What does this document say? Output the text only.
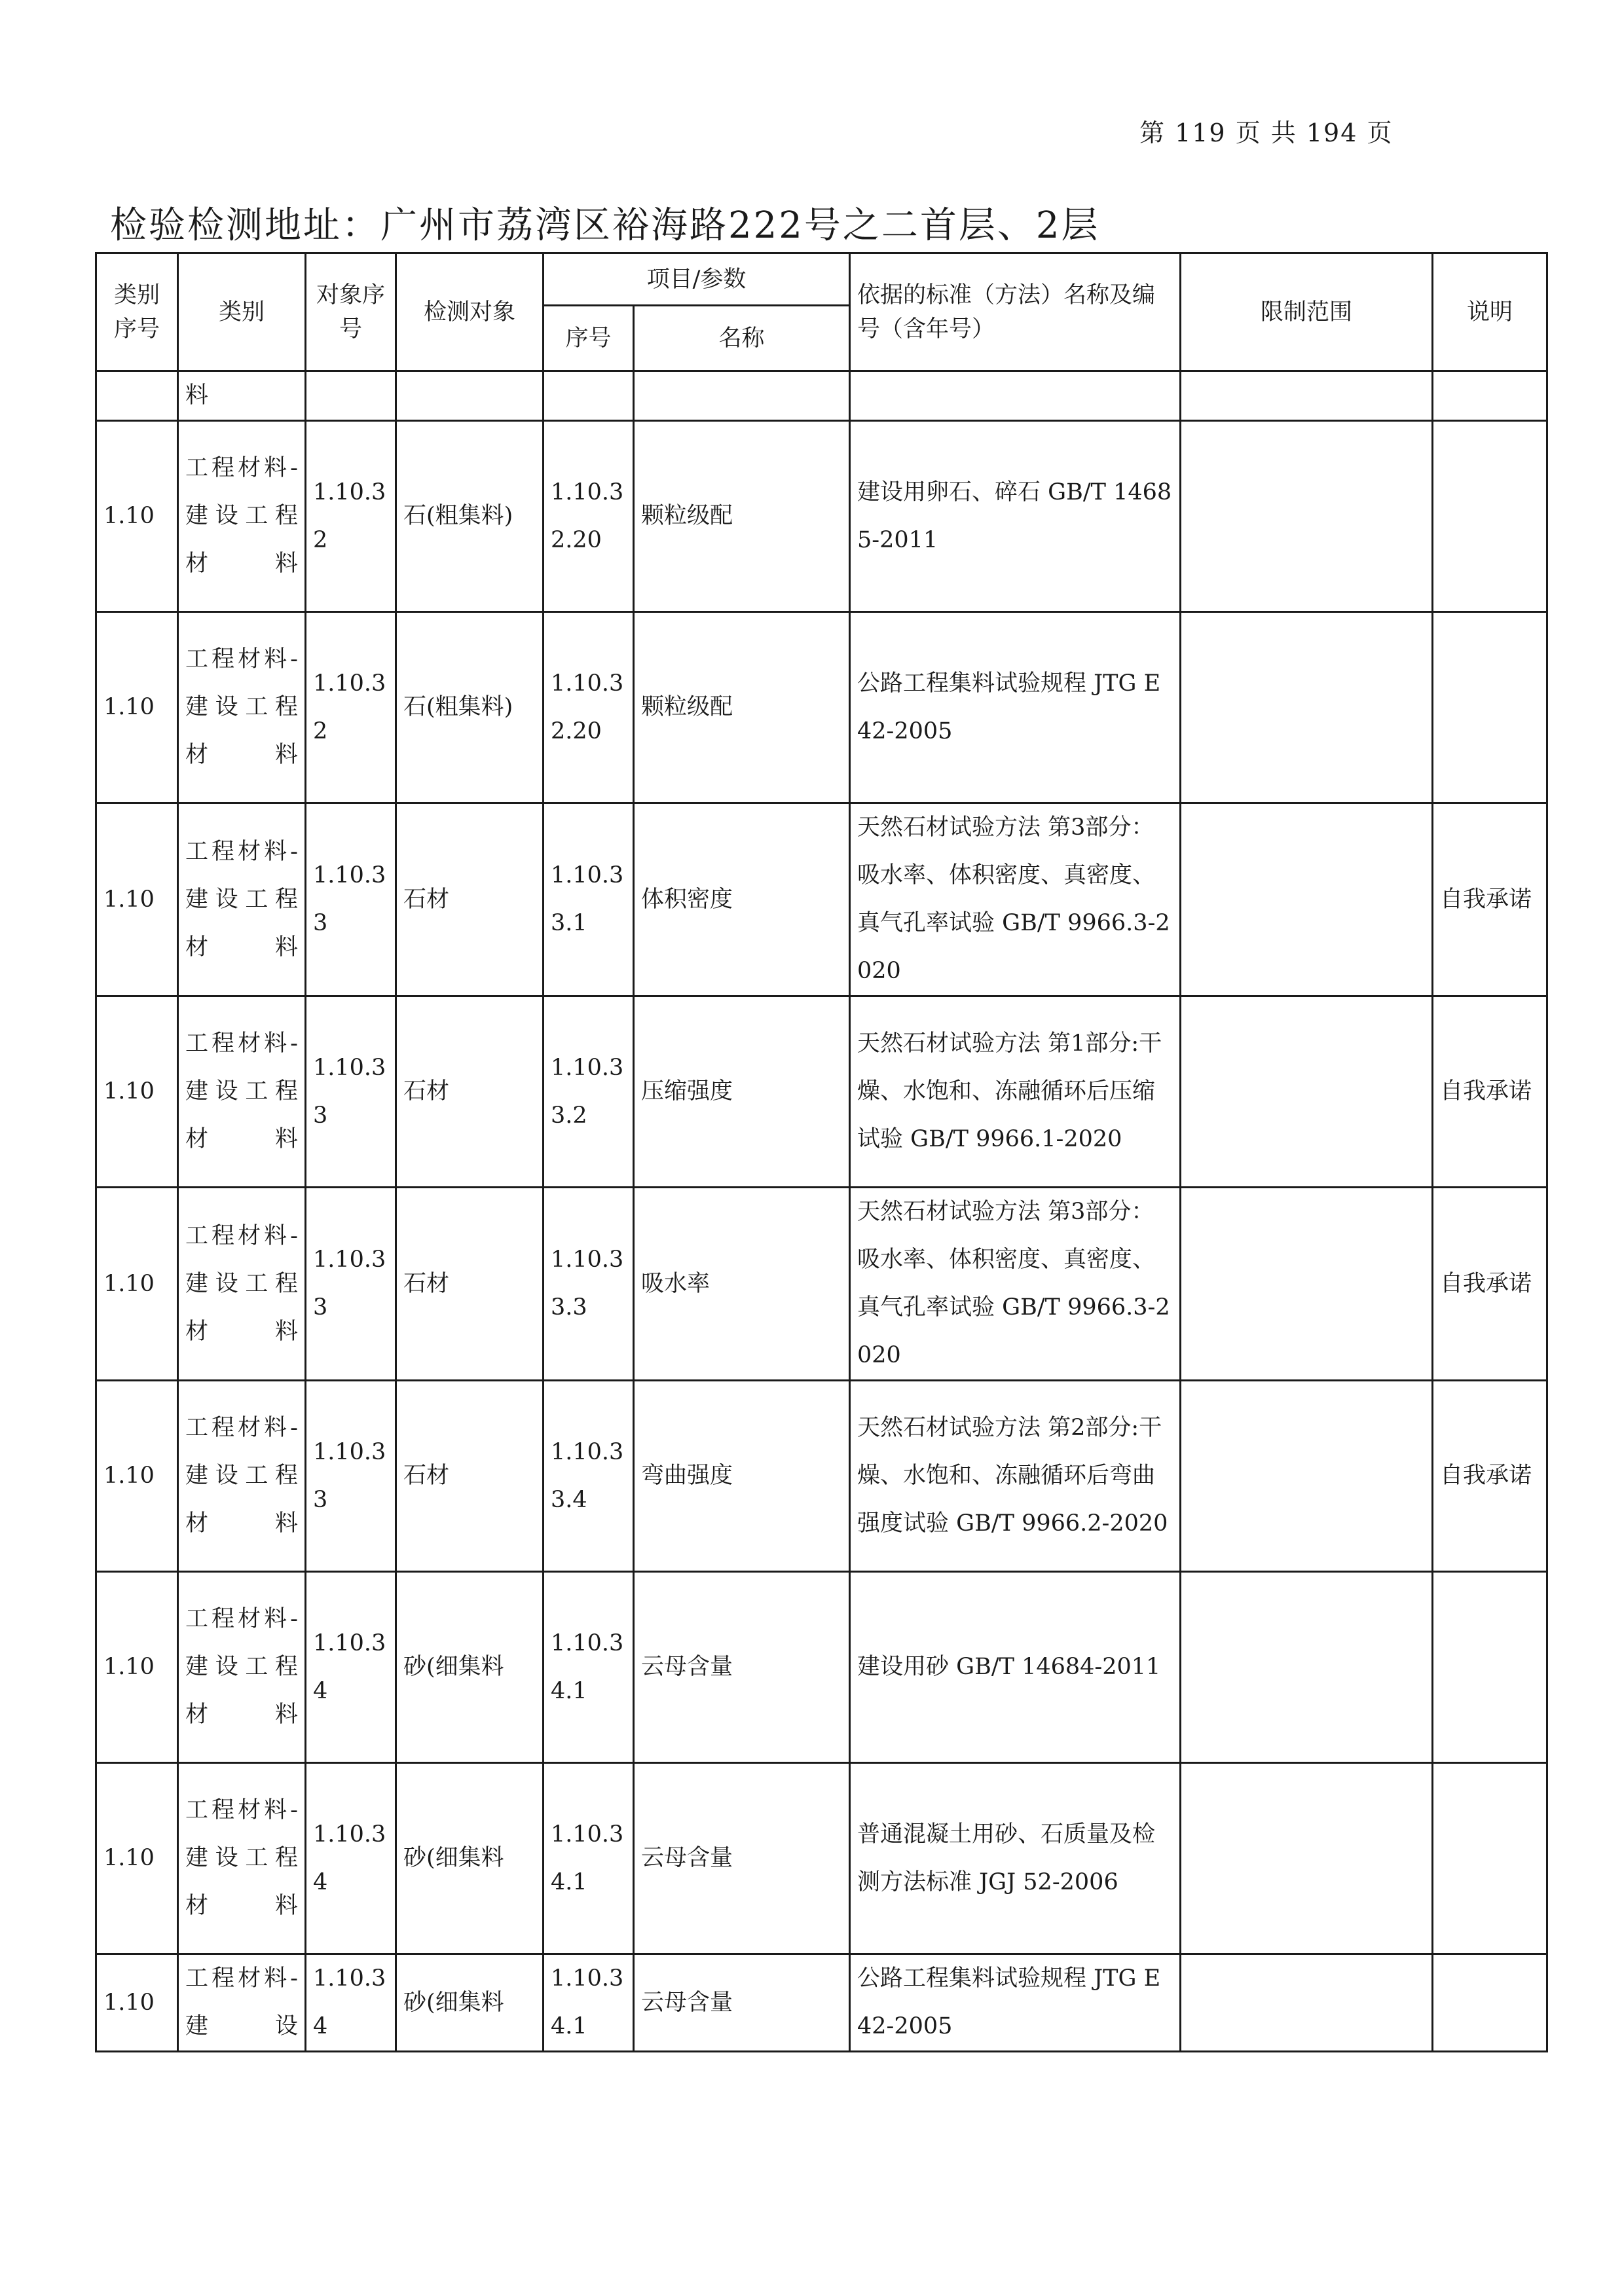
第 119 页 共 194 页
检验检测地址：广州市荔湾区裕海路222号之二首层、2层
类别序号	类别	对象序号	检测对象	项目/参数		依据的标准（方法）名称及编号（含年号）	限制范围	说明
				序号	名称			
	料							
1.10	工程材料-建设工程材料	1.10.32	石(粗集料)	1.10.32.20	颗粒级配	建设用卵石、碎石 GB/T 14685-2011		
1.10	工程材料-建设工程材料	1.10.32	石(粗集料)	1.10.32.20	颗粒级配	公路工程集料试验规程 JTG E42-2005		
1.10	工程材料-建设工程材料	1.10.33	石材	1.10.33.1	体积密度	天然石材试验方法 第3部分：吸水率、体积密度、真密度、真气孔率试验 GB/T 9966.3-2020		自我承诺
1.10	工程材料-建设工程材料	1.10.33	石材	1.10.33.2	压缩强度	天然石材试验方法 第1部分:干燥、水饱和、冻融循环后压缩试验 GB/T 9966.1-2020		自我承诺
1.10	工程材料-建设工程材料	1.10.33	石材	1.10.33.3	吸水率	天然石材试验方法 第3部分：吸水率、体积密度、真密度、真气孔率试验 GB/T 9966.3-2020		自我承诺
1.10	工程材料-建设工程材料	1.10.33	石材	1.10.33.4	弯曲强度	天然石材试验方法 第2部分:干燥、水饱和、冻融循环后弯曲强度试验 GB/T 9966.2-2020		自我承诺
1.10	工程材料-建设工程材料	1.10.34	砂(细集料	1.10.34.1	云母含量	建设用砂 GB/T 14684-2011		
1.10	工程材料-建设工程材料	1.10.34	砂(细集料	1.10.34.1	云母含量	普通混凝土用砂、石质量及检测方法标准 JGJ 52-2006		
1.10	工程材料-建设	1.10.34	砂(细集料	1.10.34.1	云母含量	公路工程集料试验规程 JTG E42-2005		
